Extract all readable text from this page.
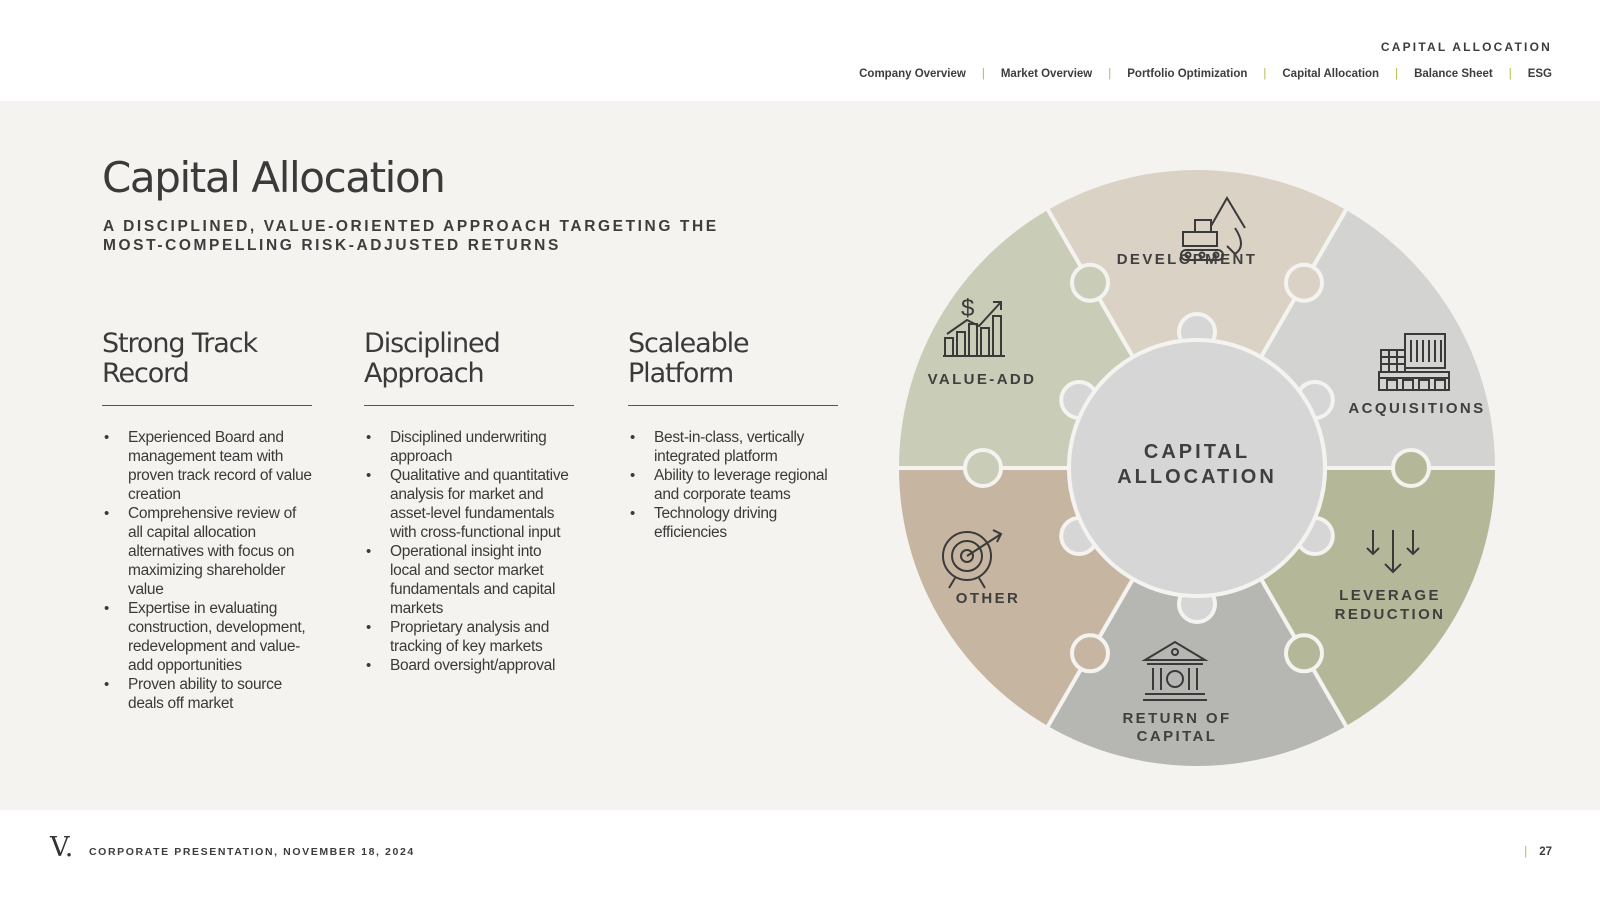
CAPITAL ALLOCATION
Company Overview | Market Overview | Portfolio Optimization | Capital Allocation | Balance Sheet | ESG
Capital Allocation
A DISCIPLINED, VALUE-ORIENTED APPROACH TARGETING THE MOST-COMPELLING RISK-ADJUSTED RETURNS
Strong Track
Record
• Experienced Board and management team with proven track record of value creation
• Comprehensive review of all capital allocation alternatives with focus on maximizing shareholder value
• Expertise in evaluating construction, development, redevelopment and value-add opportunities
• Proven ability to source deals off market
Disciplined
Approach
• Disciplined underwriting approach
• Qualitative and quantitative analysis for market and asset-level fundamentals with cross-functional input
• Operational insight into local and sector market fundamentals and capital markets
• Proprietary analysis and tracking of key markets
• Board oversight/approval
Scaleable
Platform
• Best-in-class, vertically integrated platform
• Ability to leverage regional and corporate teams
• Technology driving efficiencies
$
DEVELOPMENT
ACQUISITIONS
LEVERAGE
REDUCTION
RETURN OF
CAPITAL
OTHER
VALUE-ADD
CAPITAL
ALLOCATION
V. CORPORATE PRESENTATION, NOVEMBER 18, 2024	| 27
